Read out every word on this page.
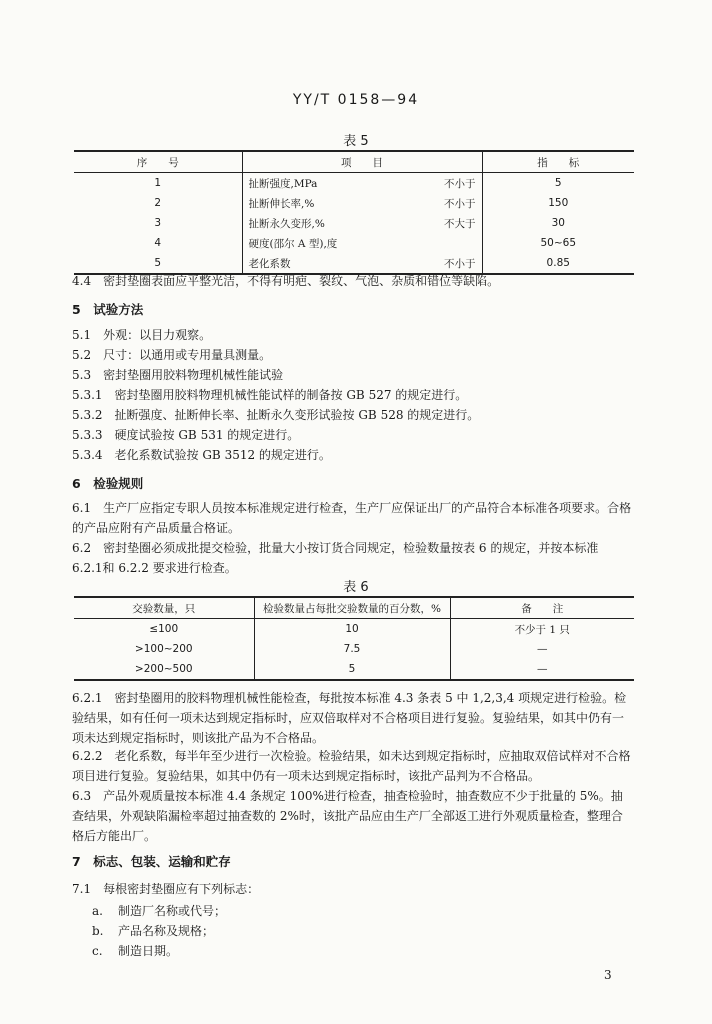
YY/T 0158—94
表 5
序　　号	项　　目		指　　标
1	扯断强度,MPa	不小于	5
2	扯断伸长率,%	不小于	150
3	扯断永久变形,%	不大于	30
4	硬度(邵尔 A 型),度		50~65
5	老化系数	不小于	0.85
4.4　密封垫圈表面应平整光洁，不得有明疤、裂纹、气泡、杂质和错位等缺陷。
5　试验方法
5.1　外观：以目力观察。
5.2　尺寸：以通用或专用量具测量。
5.3　密封垫圈用胶料物理机械性能试验
5.3.1　密封垫圈用胶料物理机械性能试样的制备按 GB 527 的规定进行。
5.3.2　扯断强度、扯断伸长率、扯断永久变形试验按 GB 528 的规定进行。
5.3.3　硬度试验按 GB 531 的规定进行。
5.3.4　老化系数试验按 GB 3512 的规定进行。
6　检验规则
6.1　生产厂应指定专职人员按本标准规定进行检查，生产厂应保证出厂的产品符合本标准各项要求。合格的产品应附有产品质量合格证。
6.2　密封垫圈必须成批提交检验，批量大小按订货合同规定，检验数量按表 6 的规定，并按本标准 6.2.1和 6.2.2 要求进行检查。
表 6
交验数量，只	检验数量占每批交验数量的百分数，%	备　　注
≤100	10	不少于 1 只
>100~200	7.5	—
>200~500	5	—
6.2.1　密封垫圈用的胶料物理机械性能检查，每批按本标准 4.3 条表 5 中 1,2,3,4 项规定进行检验。检验结果，如有任何一项未达到规定指标时，应双倍取样对不合格项目进行复验。复验结果，如其中仍有一项未达到规定指标时，则该批产品为不合格品。
6.2.2　老化系数，每半年至少进行一次检验。检验结果，如未达到规定指标时，应抽取双倍试样对不合格项目进行复验。复验结果，如其中仍有一项未达到规定指标时，该批产品判为不合格品。
6.3　产品外观质量按本标准 4.4 条规定 100%进行检查，抽查检验时，抽查数应不少于批量的 5%。抽查结果，外观缺陷漏检率超过抽查数的 2%时，该批产品应由生产厂全部返工进行外观质量检查，整理合格后方能出厂。
7　标志、包装、运输和贮存
7.1　每根密封垫圈应有下列标志：
a. 制造厂名称或代号；
b. 产品名称及规格；
c. 制造日期。
3
